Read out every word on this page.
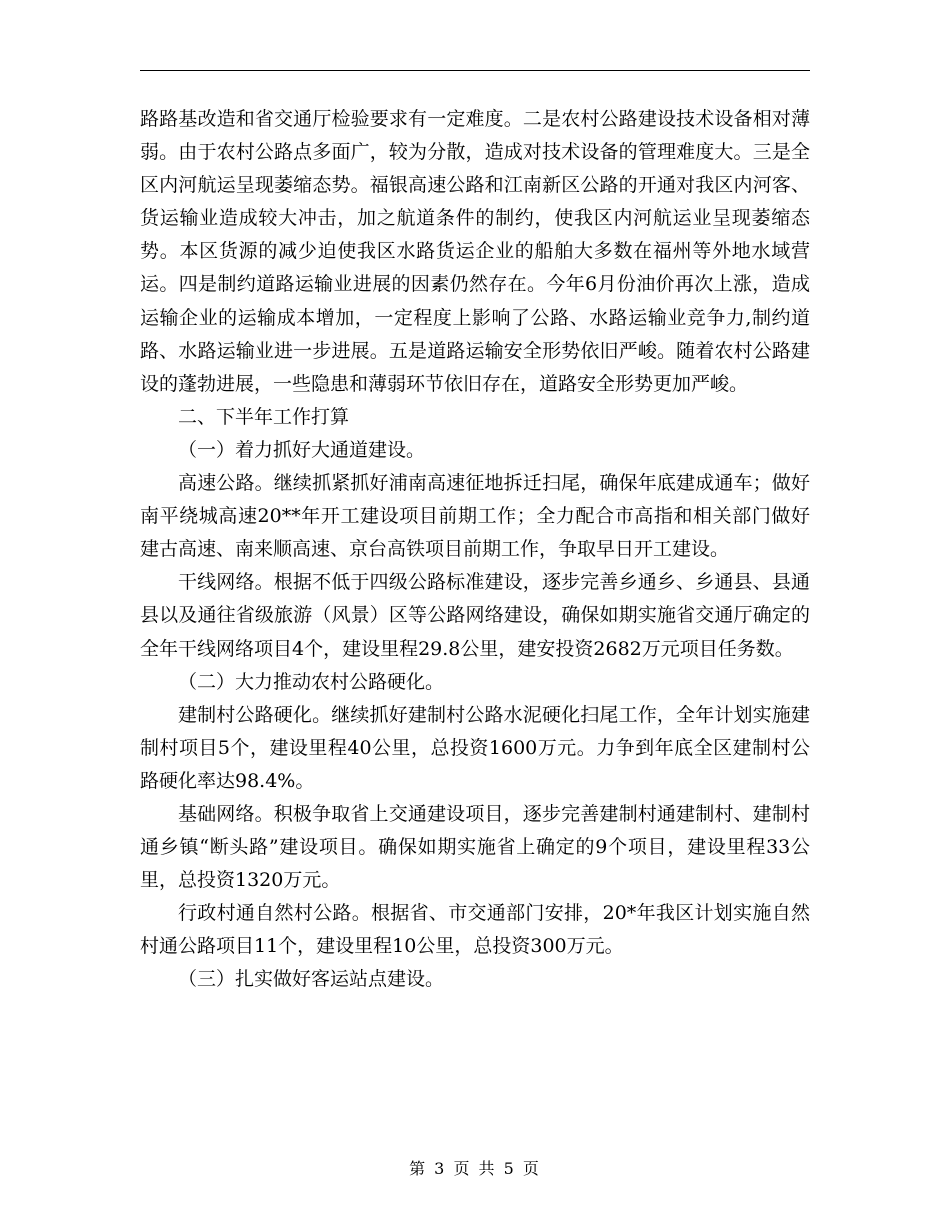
路路基改造和省交通厅检验要求有一定难度。二是农村公路建设技术设备相对薄弱。由于农村公路点多面广，较为分散，造成对技术设备的管理难度大。三是全区内河航运呈现萎缩态势。福银高速公路和江南新区公路的开通对我区内河客、货运输业造成较大冲击，加之航道条件的制约，使我区内河航运业呈现萎缩态势。本区货源的减少迫使我区水路货运企业的船舶大多数在福州等外地水域营运。四是制约道路运输业进展的因素仍然存在。今年6月份油价再次上涨，造成运输企业的运输成本增加，一定程度上影响了公路、水路运输业竞争力,制约道路、水路运输业进一步进展。五是道路运输安全形势依旧严峻。随着农村公路建设的蓬勃进展，一些隐患和薄弱环节依旧存在，道路安全形势更加严峻。

二、下半年工作打算

（一）着力抓好大通道建设。

高速公路。继续抓紧抓好浦南高速征地拆迁扫尾，确保年底建成通车；做好南平绕城高速20**年开工建设项目前期工作；全力配合市高指和相关部门做好建古高速、南来顺高速、京台高铁项目前期工作，争取早日开工建设。

干线网络。根据不低于四级公路标准建设，逐步完善乡通乡、乡通县、县通县以及通往省级旅游（风景）区等公路网络建设，确保如期实施省交通厅确定的全年干线网络项目4个，建设里程29.8公里，建安投资2682万元项目任务数。

（二）大力推动农村公路硬化。

建制村公路硬化。继续抓好建制村公路水泥硬化扫尾工作，全年计划实施建制村项目5个，建设里程40公里，总投资1600万元。力争到年底全区建制村公路硬化率达98.4%。

基础网络。积极争取省上交通建设项目，逐步完善建制村通建制村、建制村通乡镇“断头路”建设项目。确保如期实施省上确定的9个项目，建设里程33公里，总投资1320万元。

行政村通自然村公路。根据省、市交通部门安排，20*年我区计划实施自然村通公路项目11个，建设里程10公里，总投资300万元。

（三）扎实做好客运站点建设。

第 3 页 共 5 页
